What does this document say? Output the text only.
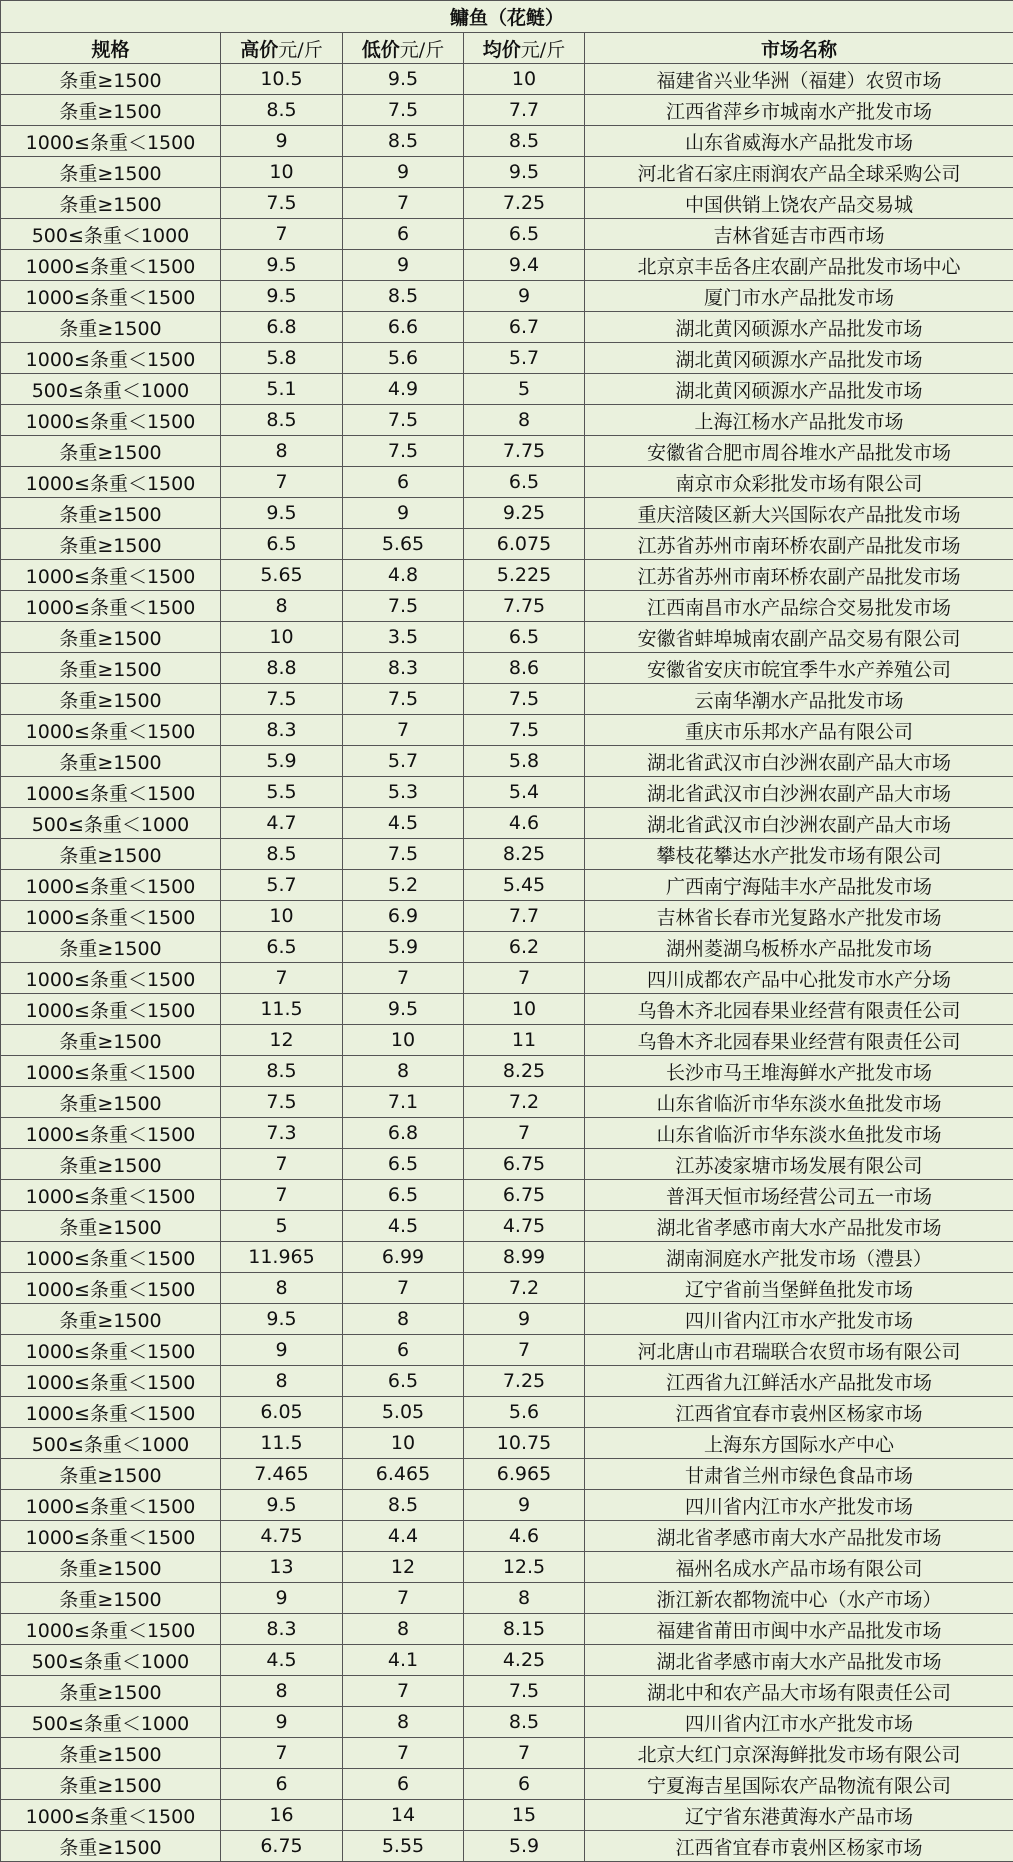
鳙鱼（花鲢）				
规格	高价元/斤	低价元/斤	均价元/斤	市场名称
条重≥1500	10.5	9.5	10	福建省兴业华洲（福建）农贸市场
条重≥1500	8.5	7.5	7.7	江西省萍乡市城南水产批发市场
1000≤条重＜1500	9	8.5	8.5	山东省威海水产品批发市场
条重≥1500	10	9	9.5	河北省石家庄雨润农产品全球采购公司
条重≥1500	7.5	7	7.25	中国供销上饶农产品交易城
500≤条重＜1000	7	6	6.5	吉林省延吉市西市场
1000≤条重＜1500	9.5	9	9.4	北京京丰岳各庄农副产品批发市场中心
1000≤条重＜1500	9.5	8.5	9	厦门市水产品批发市场
条重≥1500	6.8	6.6	6.7	湖北黄冈硕源水产品批发市场
1000≤条重＜1500	5.8	5.6	5.7	湖北黄冈硕源水产品批发市场
500≤条重＜1000	5.1	4.9	5	湖北黄冈硕源水产品批发市场
1000≤条重＜1500	8.5	7.5	8	上海江杨水产品批发市场
条重≥1500	8	7.5	7.75	安徽省合肥市周谷堆水产品批发市场
1000≤条重＜1500	7	6	6.5	南京市众彩批发市场有限公司
条重≥1500	9.5	9	9.25	重庆涪陵区新大兴国际农产品批发市场
条重≥1500	6.5	5.65	6.075	江苏省苏州市南环桥农副产品批发市场
1000≤条重＜1500	5.65	4.8	5.225	江苏省苏州市南环桥农副产品批发市场
1000≤条重＜1500	8	7.5	7.75	江西南昌市水产品综合交易批发市场
条重≥1500	10	3.5	6.5	安徽省蚌埠城南农副产品交易有限公司
条重≥1500	8.8	8.3	8.6	安徽省安庆市皖宜季牛水产养殖公司
条重≥1500	7.5	7.5	7.5	云南华潮水产品批发市场
1000≤条重＜1500	8.3	7	7.5	重庆市乐邦水产品有限公司
条重≥1500	5.9	5.7	5.8	湖北省武汉市白沙洲农副产品大市场
1000≤条重＜1500	5.5	5.3	5.4	湖北省武汉市白沙洲农副产品大市场
500≤条重＜1000	4.7	4.5	4.6	湖北省武汉市白沙洲农副产品大市场
条重≥1500	8.5	7.5	8.25	攀枝花攀达水产批发市场有限公司
1000≤条重＜1500	5.7	5.2	5.45	广西南宁海陆丰水产品批发市场
1000≤条重＜1500	10	6.9	7.7	吉林省长春市光复路水产批发市场
条重≥1500	6.5	5.9	6.2	湖州菱湖乌板桥水产品批发市场
1000≤条重＜1500	7	7	7	四川成都农产品中心批发市水产分场
1000≤条重＜1500	11.5	9.5	10	乌鲁木齐北园春果业经营有限责任公司
条重≥1500	12	10	11	乌鲁木齐北园春果业经营有限责任公司
1000≤条重＜1500	8.5	8	8.25	长沙市马王堆海鲜水产批发市场
条重≥1500	7.5	7.1	7.2	山东省临沂市华东淡水鱼批发市场
1000≤条重＜1500	7.3	6.8	7	山东省临沂市华东淡水鱼批发市场
条重≥1500	7	6.5	6.75	江苏凌家塘市场发展有限公司
1000≤条重＜1500	7	6.5	6.75	普洱天恒市场经营公司五一市场
条重≥1500	5	4.5	4.75	湖北省孝感市南大水产品批发市场
1000≤条重＜1500	11.965	6.99	8.99	湖南洞庭水产批发市场（澧县）
1000≤条重＜1500	8	7	7.2	辽宁省前当堡鲜鱼批发市场
条重≥1500	9.5	8	9	四川省内江市水产批发市场
1000≤条重＜1500	9	6	7	河北唐山市君瑞联合农贸市场有限公司
1000≤条重＜1500	8	6.5	7.25	江西省九江鲜活水产品批发市场
1000≤条重＜1500	6.05	5.05	5.6	江西省宜春市袁州区杨家市场
500≤条重＜1000	11.5	10	10.75	上海东方国际水产中心
条重≥1500	7.465	6.465	6.965	甘肃省兰州市绿色食品市场
1000≤条重＜1500	9.5	8.5	9	四川省内江市水产批发市场
1000≤条重＜1500	4.75	4.4	4.6	湖北省孝感市南大水产品批发市场
条重≥1500	13	12	12.5	福州名成水产品市场有限公司
条重≥1500	9	7	8	浙江新农都物流中心（水产市场）
1000≤条重＜1500	8.3	8	8.15	福建省莆田市闽中水产品批发市场
500≤条重＜1000	4.5	4.1	4.25	湖北省孝感市南大水产品批发市场
条重≥1500	8	7	7.5	湖北中和农产品大市场有限责任公司
500≤条重＜1000	9	8	8.5	四川省内江市水产批发市场
条重≥1500	7	7	7	北京大红门京深海鲜批发市场有限公司
条重≥1500	6	6	6	宁夏海吉星国际农产品物流有限公司
1000≤条重＜1500	16	14	15	辽宁省东港黄海水产品市场
条重≥1500	6.75	5.55	5.9	江西省宜春市袁州区杨家市场
